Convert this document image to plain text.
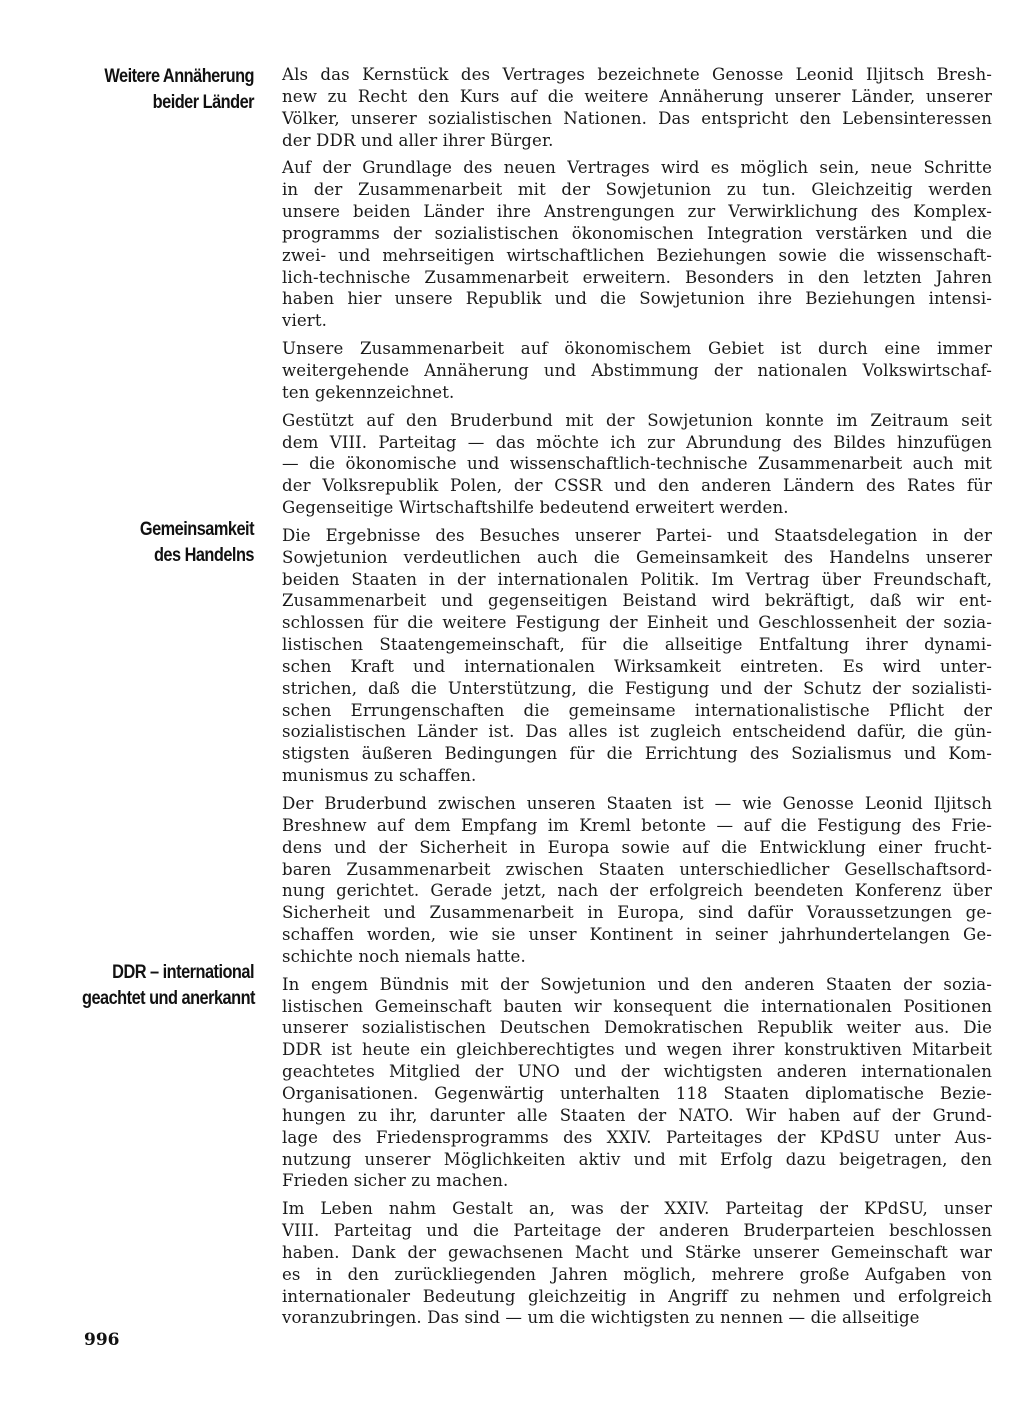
Weitere Annäherung
beider Länder
Gemeinsamkeit
des Handelns
DDR – international
geachtet und anerkannt

Als das Kernstück des Vertrages bezeichnete Genosse Leonid Iljitsch Bresh-
new zu Recht den Kurs auf die weitere Annäherung unserer Länder, unserer
Völker, unserer sozialistischen Nationen. Das entspricht den Lebensinteressen
der DDR und aller ihrer Bürger.

Auf der Grundlage des neuen Vertrages wird es möglich sein, neue Schritte
in der Zusammenarbeit mit der Sowjetunion zu tun. Gleichzeitig werden
unsere beiden Länder ihre Anstrengungen zur Verwirklichung des Komplex-
programms der sozialistischen ökonomischen Integration verstärken und die
zwei- und mehrseitigen wirtschaftlichen Beziehungen sowie die wissenschaft-
lich-technische Zusammenarbeit erweitern. Besonders in den letzten Jahren
haben hier unsere Republik und die Sowjetunion ihre Beziehungen intensi-
viert.

Unsere Zusammenarbeit auf ökonomischem Gebiet ist durch eine immer
weitergehende Annäherung und Abstimmung der nationalen Volkswirtschaf-
ten gekennzeichnet.

Gestützt auf den Bruderbund mit der Sowjetunion konnte im Zeitraum seit
dem VIII. Parteitag — das möchte ich zur Abrundung des Bildes hinzufügen
— die ökonomische und wissenschaftlich-technische Zusammenarbeit auch mit
der Volksrepublik Polen, der CSSR und den anderen Ländern des Rates für
Gegenseitige Wirtschaftshilfe bedeutend erweitert werden.

Die Ergebnisse des Besuches unserer Partei- und Staatsdelegation in der
Sowjetunion verdeutlichen auch die Gemeinsamkeit des Handelns unserer
beiden Staaten in der internationalen Politik. Im Vertrag über Freundschaft,
Zusammenarbeit und gegenseitigen Beistand wird bekräftigt, daß wir ent-
schlossen für die weitere Festigung der Einheit und Geschlossenheit der sozia-
listischen Staatengemeinschaft, für die allseitige Entfaltung ihrer dynami-
schen Kraft und internationalen Wirksamkeit eintreten. Es wird unter-
strichen, daß die Unterstützung, die Festigung und der Schutz der sozialisti-
schen Errungenschaften die gemeinsame internationalistische Pflicht der
sozialistischen Länder ist. Das alles ist zugleich entscheidend dafür, die gün-
stigsten äußeren Bedingungen für die Errichtung des Sozialismus und Kom-
munismus zu schaffen.

Der Bruderbund zwischen unseren Staaten ist — wie Genosse Leonid Iljitsch
Breshnew auf dem Empfang im Kreml betonte — auf die Festigung des Frie-
dens und der Sicherheit in Europa sowie auf die Entwicklung einer frucht-
baren Zusammenarbeit zwischen Staaten unterschiedlicher Gesellschaftsord-
nung gerichtet. Gerade jetzt, nach der erfolgreich beendeten Konferenz über
Sicherheit und Zusammenarbeit in Europa, sind dafür Voraussetzungen ge-
schaffen worden, wie sie unser Kontinent in seiner jahrhundertelangen Ge-
schichte noch niemals hatte.

In engem Bündnis mit der Sowjetunion und den anderen Staaten der sozia-
listischen Gemeinschaft bauten wir konsequent die internationalen Positionen
unserer sozialistischen Deutschen Demokratischen Republik weiter aus. Die
DDR ist heute ein gleichberechtigtes und wegen ihrer konstruktiven Mitarbeit
geachtetes Mitglied der UNO und der wichtigsten anderen internationalen
Organisationen. Gegenwärtig unterhalten 118 Staaten diplomatische Bezie-
hungen zu ihr, darunter alle Staaten der NATO. Wir haben auf der Grund-
lage des Friedensprogramms des XXIV. Parteitages der KPdSU unter Aus-
nutzung unserer Möglichkeiten aktiv und mit Erfolg dazu beigetragen, den
Frieden sicher zu machen.

Im Leben nahm Gestalt an, was der XXIV. Parteitag der KPdSU, unser
VIII. Parteitag und die Parteitage der anderen Bruderparteien beschlossen
haben. Dank der gewachsenen Macht und Stärke unserer Gemeinschaft war
es in den zurückliegenden Jahren möglich, mehrere große Aufgaben von
internationaler Bedeutung gleichzeitig in Angriff zu nehmen und erfolgreich
voranzubringen. Das sind — um die wichtigsten zu nennen — die allseitige

996
